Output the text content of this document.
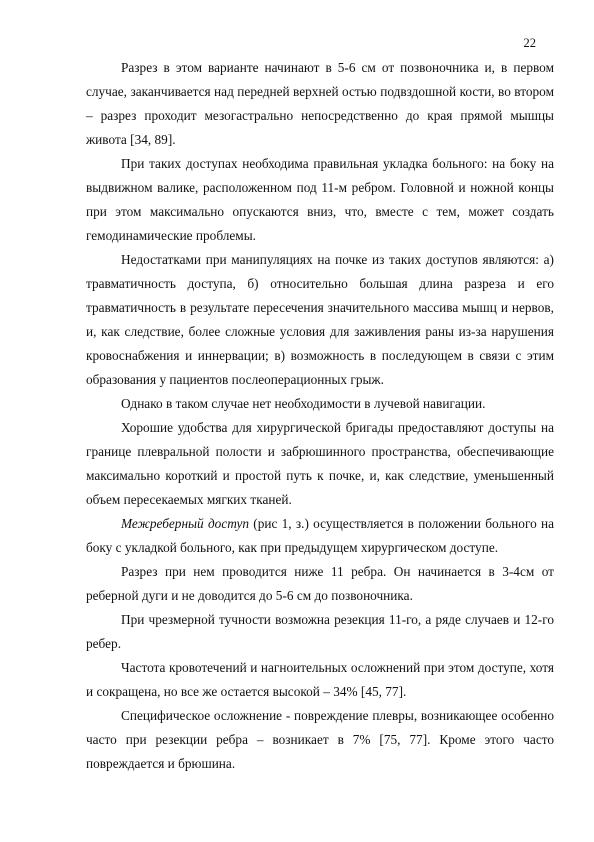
22

Разрез в этом варианте начинают в 5-6 см от позвоночника и, в первом случае, заканчивается над передней верхней остью подвздошной кости, во втором – разрез проходит мезогастрально непосредственно до края прямой мышцы живота [34, 89].

При таких доступах необходима правильная укладка больного: на боку на выдвижном валике, расположенном под 11-м ребром. Головной и ножной концы при этом максимально опускаются вниз, что, вместе с тем, может создать гемодинамические проблемы.

Недостатками при манипуляциях на почке из таких доступов являются: а) травматичность доступа, б) относительно большая длина разреза и его травматичность в результате пересечения значительного массива мышц и нервов, и, как следствие, более сложные условия для заживления раны из-за нарушения кровоснабжения и иннервации; в) возможность в последующем в связи с этим образования у пациентов послеоперационных грыж.

Однако в таком случае нет необходимости в лучевой навигации.

Хорошие удобства для хирургической бригады предоставляют доступы на границе плевральной полости и забрюшинного пространства, обеспечивающие максимально короткий и простой путь к почке, и, как следствие, уменьшенный объем пересекаемых мягких тканей.

Межреберный доступ (рис 1, з.) осуществляется в положении больного на боку с укладкой больного, как при предыдущем хирургическом доступе.

Разрез при нем проводится ниже 11 ребра. Он начинается в 3-4см от реберной дуги и не доводится до 5-6 см до позвоночника.

При чрезмерной тучности возможна резекция 11-го, а ряде случаев и 12-го ребер.

Частота кровотечений и нагноительных осложнений при этом доступе, хотя и сокращена, но все же остается высокой – 34% [45, 77].

Специфическое осложнение - повреждение плевры, возникающее особенно часто при резекции ребра – возникает в 7% [75, 77]. Кроме этого часто повреждается и брюшина.
